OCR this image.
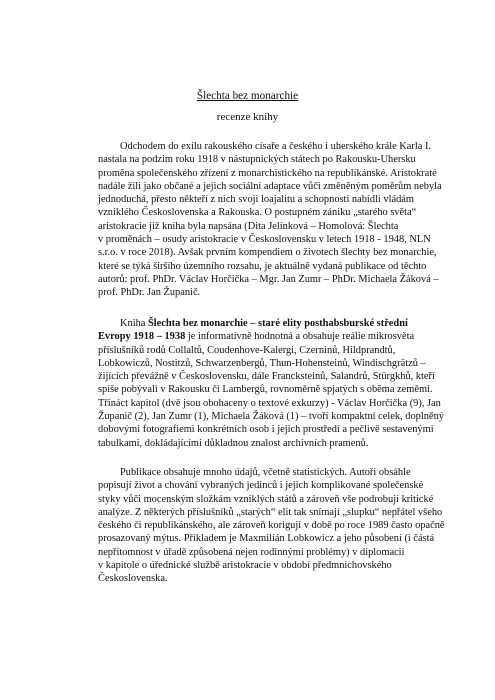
Šlechta bez monarchie
recenze knihy
Odchodem do exilu rakouského císaře a českého i uherského krále Karla I.
nastala na podzim roku 1918 v nástupnických státech po Rakousku-Uhersku
proměna společenského zřízení z monarchistického na republikánské. Aristokraté
nadále žili jako občané a jejich sociální adaptace vůči změněným poměrům nebyla
jednoduchá, přesto někteří z nich svoji loajalitu a schopnosti nabídli vládám
vzniklého Československa a Rakouska. O postupném zániku „starého světa“
aristokracie již kniha byla napsána (Dita Jelínková – Homolová: Šlechta
v proměnách – osudy aristokracie v Československu v letech 1918 - 1948, NLN
s.r.o. v roce 2018). Avšak prvním kompendiem o životech šlechty bez monarchie,
které se týká širšího územního rozsahu, je aktuálně vydaná publikace od těchto
autorů: prof. PhDr. Václav Horčička – Mgr. Jan Zumr – PhDr. Michaela Žáková –
prof. PhDr. Jan Županič.
Kniha Šlechta bez monarchie – staré elity posthabsburské střední
Evropy 1918 – 1938 je informativně hodnotná a obsahuje reálie mikrosvěta
příslušníků rodů Collaltů, Coudenhove-Kalergi, Czerninů, Hildprandtů,
Lobkowiczů, Nostitzů, Schwarzenbergů, Thun-Hohensteinů, Windischgrätzů –
žijících převážně v Československu, dále Francksteinů, Salandrů, Stürgkhů, kteří
spíše pobývali v Rakousku či Lambergů, rovnoměrně spjatých s oběma zeměmi.
Třináct kapitol (dvě jsou obohaceny o textové exkurzy) - Václav Horčička (9), Jan
Županič (2), Jan Zumr (1), Michaela Žáková (1) – tvoří kompaktní celek, doplněný
dobovými fotografiemi konkrétních osob i jejich prostředí a pečlivě sestavenými
tabulkami, dokládajícími důkladnou znalost archivních pramenů.
Publikace obsahuje mnoho údajů, včetně statistických. Autoři obsáhle
popisují život a chování vybraných jedinců i jejich komplikované společenské
styky vůči mocenským složkám vzniklých států a zároveň vše podrobují kritické
analýze. Z některých příslušníků „starých“ elit tak snímají „slupku“ nepřátel všeho
českého či republikánského, ale zároveň korigují v době po roce 1989 často opačně
prosazovaný mýtus. Příkladem je Maxmilián Lobkowicz a jeho působení (i částá
nepřítomnost v úřadě způsobená nejen rodinnými problémy) v diplomacii
v kapitole o úřednické službě aristokracie v období předmnichovského
Československa.
